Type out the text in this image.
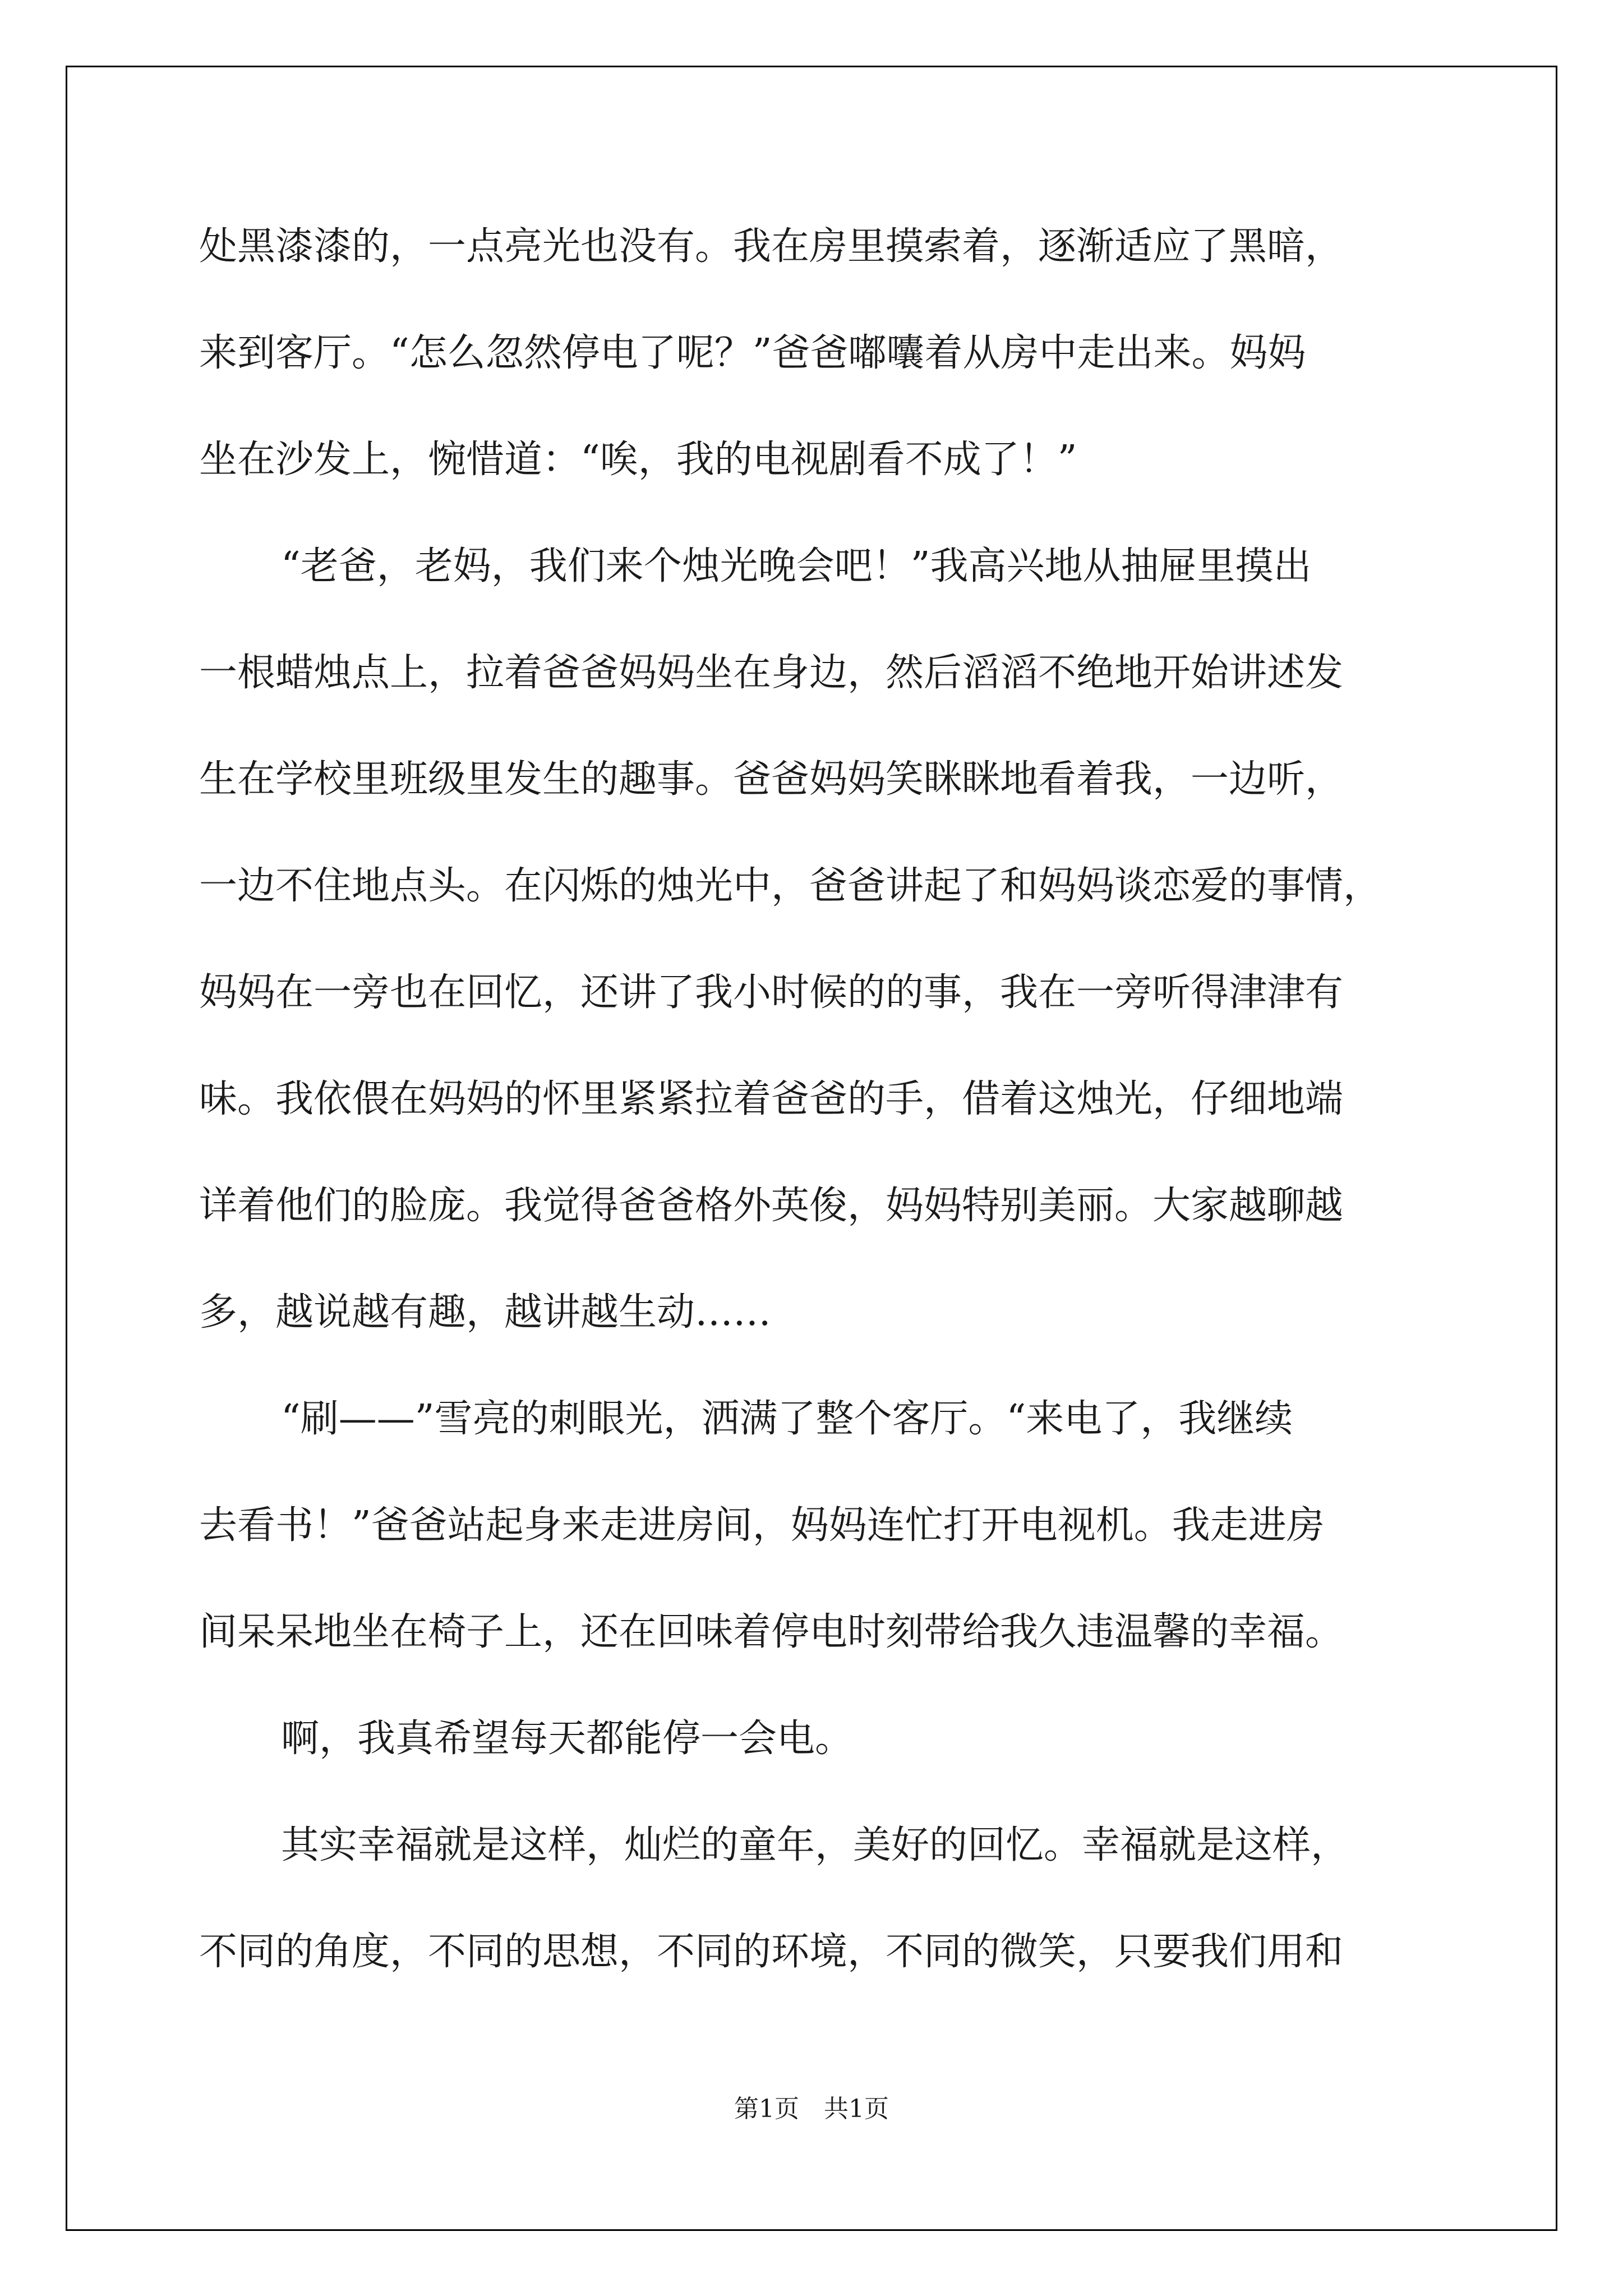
处黑漆漆的，一点亮光也没有。我在房里摸索着，逐渐适应了黑暗，
来到客厅。“怎么忽然停电了呢？”爸爸嘟囔着从房中走出来。妈妈
坐在沙发上，惋惜道：“唉，我的电视剧看不成了！”
“老爸，老妈，我们来个烛光晚会吧！”我高兴地从抽屉里摸出
一根蜡烛点上，拉着爸爸妈妈坐在身边，然后滔滔不绝地开始讲述发
生在学校里班级里发生的趣事。爸爸妈妈笑眯眯地看着我，一边听，
一边不住地点头。在闪烁的烛光中，爸爸讲起了和妈妈谈恋爱的事情，
妈妈在一旁也在回忆，还讲了我小时候的的事，我在一旁听得津津有
味。我依偎在妈妈的怀里紧紧拉着爸爸的手，借着这烛光，仔细地端
详着他们的脸庞。我觉得爸爸格外英俊，妈妈特别美丽。大家越聊越
多，越说越有趣，越讲越生动……
“刷——”雪亮的刺眼光，洒满了整个客厅。“来电了，我继续
去看书！”爸爸站起身来走进房间，妈妈连忙打开电视机。我走进房
间呆呆地坐在椅子上，还在回味着停电时刻带给我久违温馨的幸福。
啊，我真希望每天都能停一会电。
其实幸福就是这样，灿烂的童年，美好的回忆。幸福就是这样，
不同的角度，不同的思想，不同的环境，不同的微笑，只要我们用和
第1页　共1页
